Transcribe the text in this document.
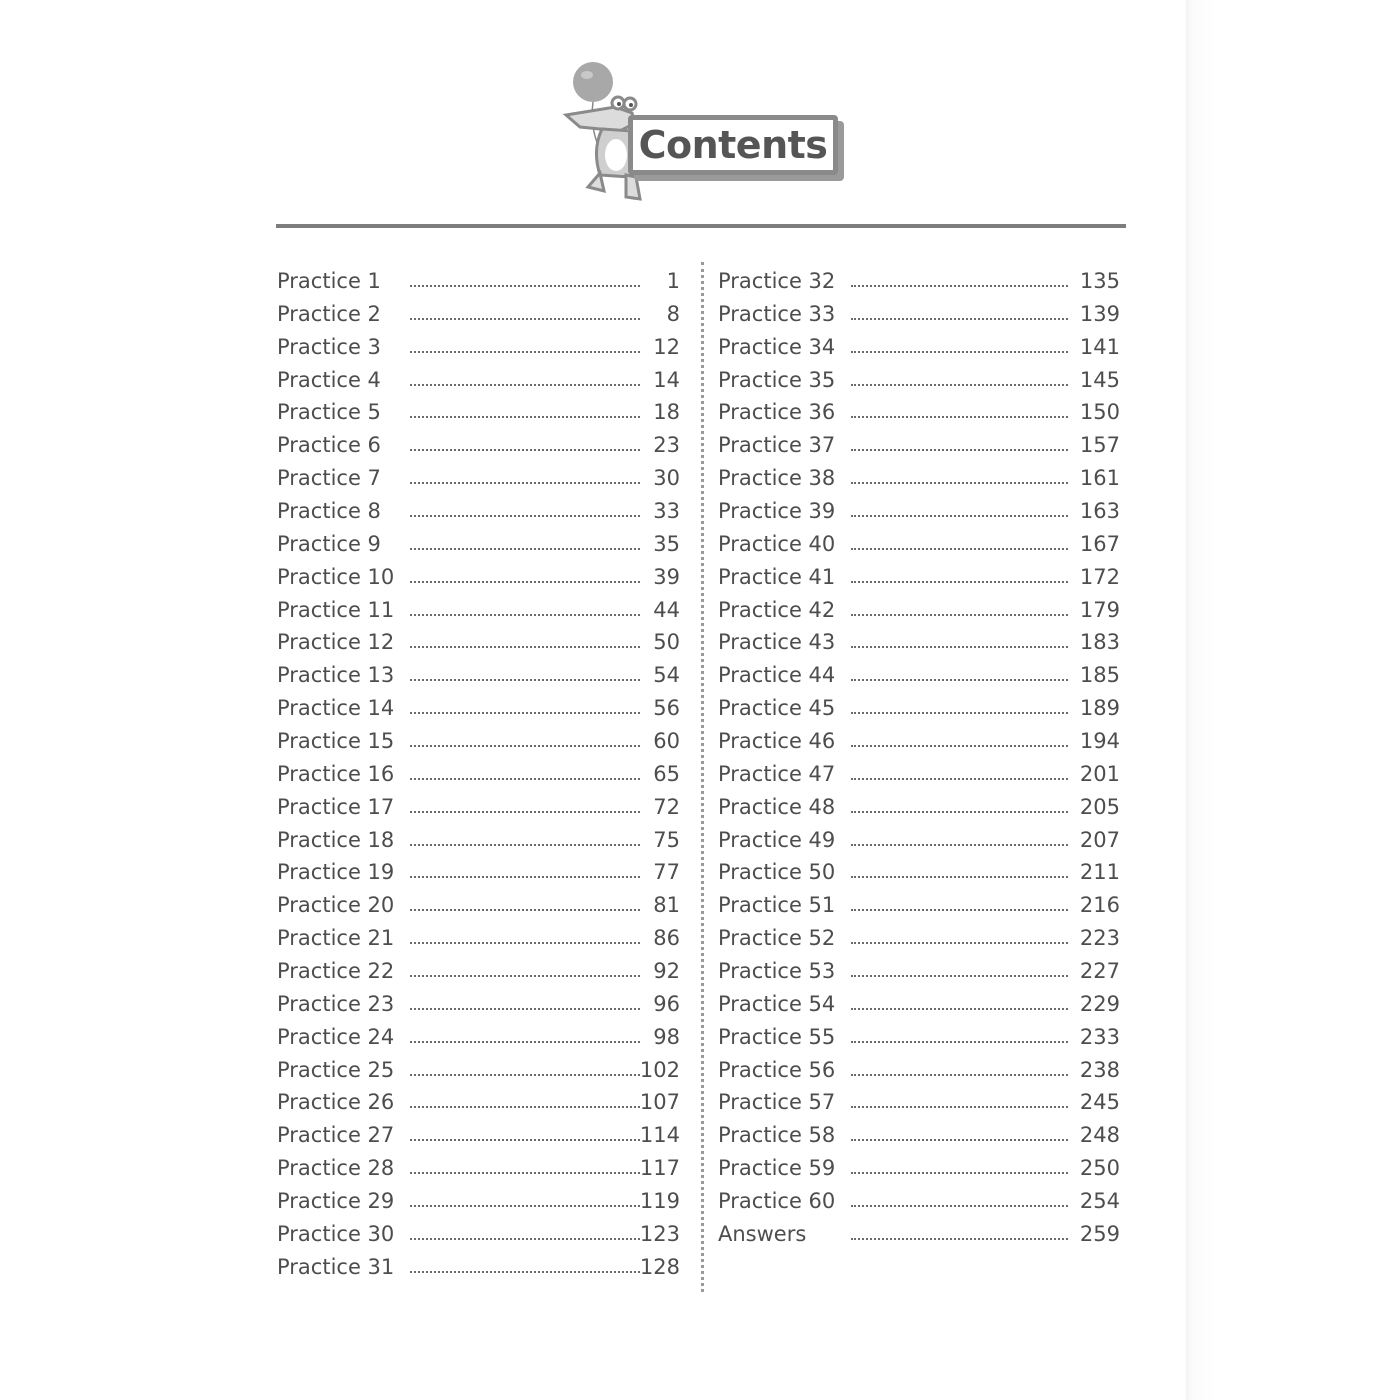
Contents
Practice 1	1
Practice 2	8
Practice 3	12
Practice 4	14
Practice 5	18
Practice 6	23
Practice 7	30
Practice 8	33
Practice 9	35
Practice 10	39
Practice 11	44
Practice 12	50
Practice 13	54
Practice 14	56
Practice 15	60
Practice 16	65
Practice 17	72
Practice 18	75
Practice 19	77
Practice 20	81
Practice 21	86
Practice 22	92
Practice 23	96
Practice 24	98
Practice 25	102
Practice 26	107
Practice 27	114
Practice 28	117
Practice 29	119
Practice 30	123
Practice 31	128
Practice 32	135
Practice 33	139
Practice 34	141
Practice 35	145
Practice 36	150
Practice 37	157
Practice 38	161
Practice 39	163
Practice 40	167
Practice 41	172
Practice 42	179
Practice 43	183
Practice 44	185
Practice 45	189
Practice 46	194
Practice 47	201
Practice 48	205
Practice 49	207
Practice 50	211
Practice 51	216
Practice 52	223
Practice 53	227
Practice 54	229
Practice 55	233
Practice 56	238
Practice 57	245
Practice 58	248
Practice 59	250
Practice 60	254
Answers	259
